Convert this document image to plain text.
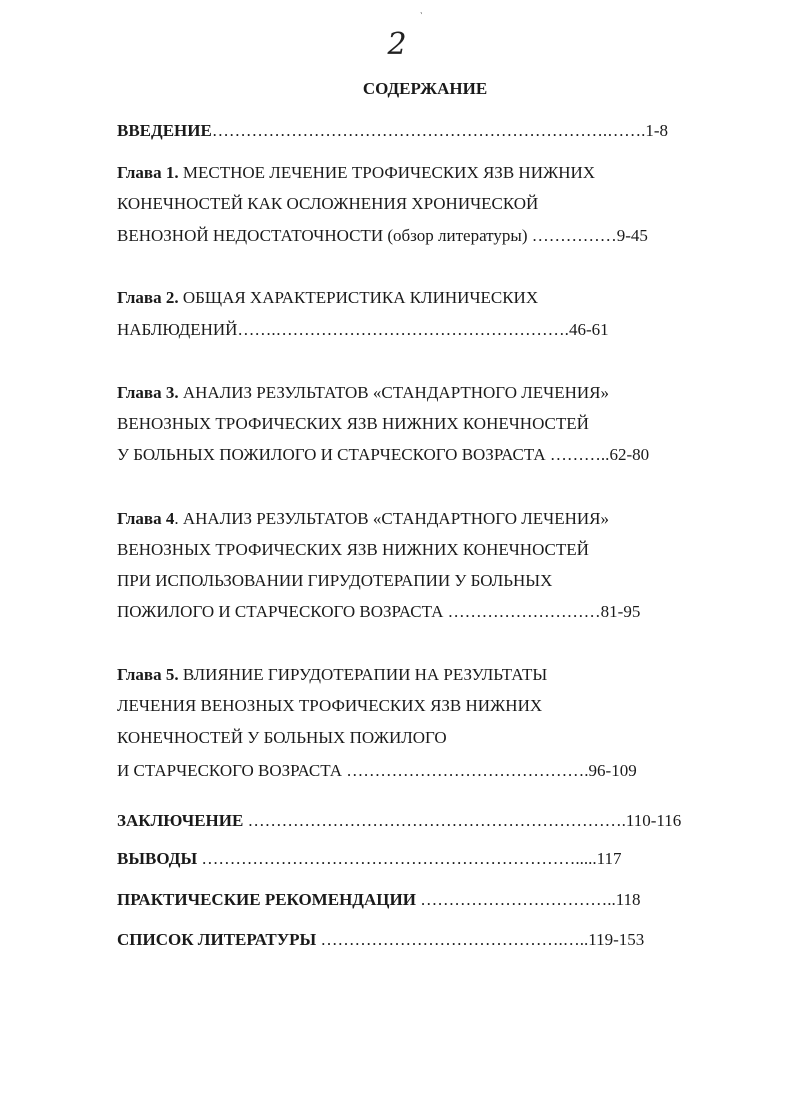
ˏ
2
СОДЕРЖАНИЕ
ВВЕДЕНИЕ…………………………………………………………….…….1-8
Глава 1. МЕСТНОЕ ЛЕЧЕНИЕ ТРОФИЧЕСКИХ ЯЗВ НИЖНИХ
КОНЕЧНОСТЕЙ КАК ОСЛОЖНЕНИЯ ХРОНИЧЕСКОЙ
ВЕНОЗНОЙ НЕДОСТАТОЧНОСТИ (обзор литературы) ……………9-45
Глава 2. ОБЩАЯ ХАРАКТЕРИСТИКА КЛИНИЧЕСКИХ
НАБЛЮДЕНИЙ…….…………………………………………….46-61
Глава 3. АНАЛИЗ РЕЗУЛЬТАТОВ «СТАНДАРТНОГО ЛЕЧЕНИЯ»
ВЕНОЗНЫХ ТРОФИЧЕСКИХ ЯЗВ НИЖНИХ КОНЕЧНОСТЕЙ
У БОЛЬНЫХ ПОЖИЛОГО И СТАРЧЕСКОГО ВОЗРАСТА ………..62-80
Глава 4. АНАЛИЗ РЕЗУЛЬТАТОВ «СТАНДАРТНОГО ЛЕЧЕНИЯ»
ВЕНОЗНЫХ ТРОФИЧЕСКИХ ЯЗВ НИЖНИХ КОНЕЧНОСТЕЙ
ПРИ ИСПОЛЬЗОВАНИИ ГИРУДОТЕРАПИИ У БОЛЬНЫХ
ПОЖИЛОГО И СТАРЧЕСКОГО ВОЗРАСТА ………………………81-95
Глава 5. ВЛИЯНИЕ ГИРУДОТЕРАПИИ НА РЕЗУЛЬТАТЫ
ЛЕЧЕНИЯ ВЕНОЗНЫХ ТРОФИЧЕСКИХ ЯЗВ НИЖНИХ
КОНЕЧНОСТЕЙ У БОЛЬНЫХ ПОЖИЛОГО
И СТАРЧЕСКОГО ВОЗРАСТА …………………………………….96-109
ЗАКЛЮЧЕНИЕ ………………………………………………………….110-116
ВЫВОДЫ ………………………………………………………….....117
ПРАКТИЧЕСКИЕ РЕКОМЕНДАЦИИ ……………………………..118
СПИСОК ЛИТЕРАТУРЫ …………………………………….…..119-153
